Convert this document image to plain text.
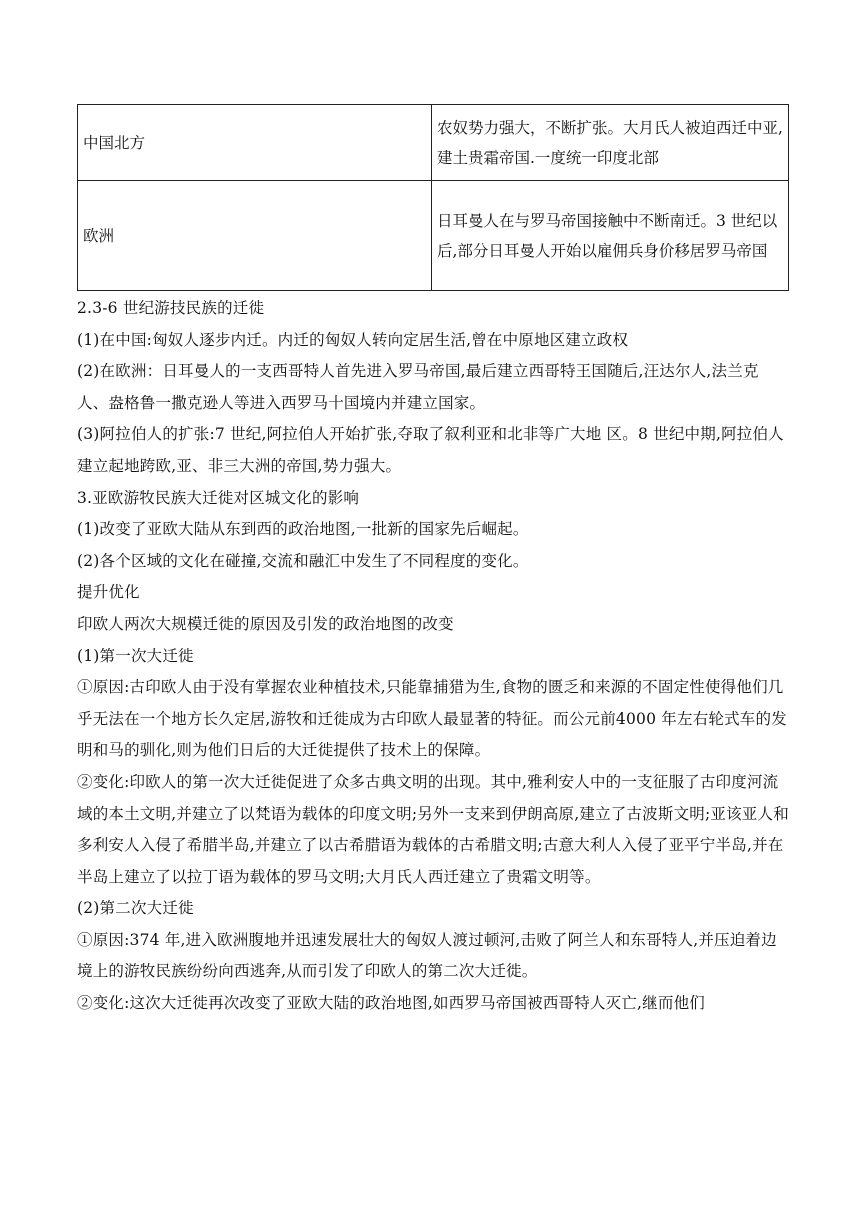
中国北方	农奴势力强大，不断扩张。大月氏人被迫西迁中亚,建土贵霜帝国.一度统一印度北部
欧洲	日耳曼人在与罗马帝国接触中不断南迁。3 世纪以后,部分日耳曼人开始以雇佣兵身价移居罗马帝国

2.3-6 世纪游技民族的迁徙

(1)在中国:匈奴人逐步内迁。内迁的匈奴人转向定居生活,曾在中原地区建立政权

(2)在欧洲：日耳曼人的一支西哥特人首先进入罗马帝国,最后建立西哥特王国随后,汪达尔人,法兰克人、盎格鲁一撒克逊人等进入西罗马十国境内并建立国家。

(3)阿拉伯人的扩张:7 世纪,阿拉伯人开始扩张,夺取了叙利亚和北非等广大地 区。8 世纪中期,阿拉伯人建立起地跨欧,亚、非三大洲的帝国,势力强大。

3.亚欧游牧民族大迁徙对区城文化的影响

(1)改变了亚欧大陆从东到西的政治地图,一批新的国家先后崛起。

(2)各个区域的文化在碰撞,交流和融汇中发生了不同程度的变化。

提升优化

印欧人两次大规模迁徙的原因及引发的政治地图的改变

(1)第一次大迁徙

①原因:古印欧人由于没有掌握农业种植技术,只能靠捕猎为生,食物的匮乏和来源的不固定性使得他们几乎无法在一个地方长久定居,游牧和迁徙成为古印欧人最显著的特征。而公元前4000 年左右轮式车的发明和马的驯化,则为他们日后的大迁徙提供了技术上的保障。

②变化:印欧人的第一次大迁徙促进了众多古典文明的出现。其中,雅利安人中的一支征服了古印度河流域的本土文明,并建立了以梵语为载体的印度文明;另外一支来到伊朗高原,建立了古波斯文明;亚该亚人和多利安人入侵了希腊半岛,并建立了以古希腊语为载体的古希腊文明;古意大利人入侵了亚平宁半岛,并在半岛上建立了以拉丁语为载体的罗马文明;大月氏人西迁建立了贵霜文明等。

(2)第二次大迁徙

①原因:374 年,进入欧洲腹地并迅速发展壮大的匈奴人渡过顿河,击败了阿兰人和东哥特人,并压迫着边境上的游牧民族纷纷向西逃奔,从而引发了印欧人的第二次大迁徙。

②变化:这次大迁徙再次改变了亚欧大陆的政治地图,如西罗马帝国被西哥特人灭亡,继而他们
